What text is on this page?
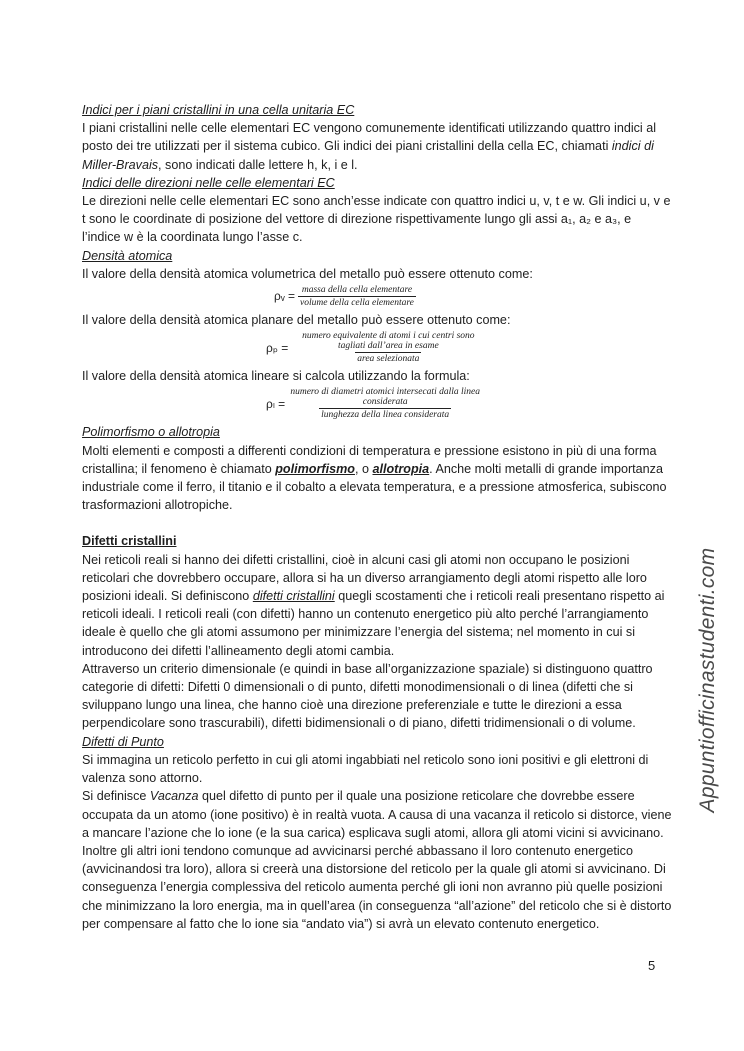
Indici per i piani cristallini in una cella unitaria EC

I piani cristallini nelle celle elementari EC vengono comunemente identificati utilizzando quattro indici al posto dei tre utilizzati per il sistema cubico. Gli indici dei piani cristallini della cella EC, chiamati indici di Miller-Bravais, sono indicati dalle lettere h, k, i e l.

Indici delle direzioni nelle celle elementari EC

Le direzioni nelle celle elementari EC sono anch’esse indicate con quattro indici u, v, t e w. Gli indici u, v e t sono le coordinate di posizione del vettore di direzione rispettivamente lungo gli assi a₁, a₂ e a₃, e l’indice w è la coordinata lungo l’asse c.

Densità atomica

Il valore della densità atomica volumetrica del metallo può essere ottenuto come:

ρᵥ = $\frac{\text{massa della cella elementare}}{\text{volume della cella elementare}}$

Il valore della densità atomica planare del metallo può essere ottenuto come:

ρₚ =
numero equivalente di atomi i cui centri sono tagliati dall’area in esame
area selezionata

Il valore della densità atomica lineare si calcola utilizzando la formula:

ρₗ =
numero di diametri atomici intersecati dalla linea considerata
lunghezza della linea considerata
Polimorfismo o allotropia

Molti elementi e composti a differenti condizioni di temperatura e pressione esistono in più di una forma cristallina; il fenomeno è chiamato polimorfismo, o allotropia. Anche molti metalli di grande importanza industriale come il ferro, il titanio e il cobalto a elevata temperatura, e a pressione atmosferica, subiscono trasformazioni allotropiche.

Difetti cristallini

Nei reticoli reali si hanno dei difetti cristallini, cioè in alcuni casi gli atomi non occupano le posizioni reticolari che dovrebbero occupare, allora si ha un diverso arrangiamento degli atomi rispetto alle loro posizioni ideali. Si definiscono difetti cristallini quegli scostamenti che i reticoli reali presentano rispetto ai reticoli ideali. I reticoli reali (con difetti) hanno un contenuto energetico più alto perché l’arrangiamento ideale è quello che gli atomi assumono per minimizzare l’energia del sistema; nel momento in cui si introducono dei difetti l’allineamento degli atomi cambia.

Attraverso un criterio dimensionale (e quindi in base all’organizzazione spaziale) si distinguono quattro categorie di difetti: Difetti 0 dimensionali o di punto, difetti monodimensionali o di linea (difetti che si sviluppano lungo una linea, che hanno cioè una direzione preferenziale e tutte le direzioni a essa perpendicolare sono trascurabili), difetti bidimensionali o di piano, difetti tridimensionali o di volume.

Difetti di Punto

Si immagina un reticolo perfetto in cui gli atomi ingabbiati nel reticolo sono ioni positivi e gli elettroni di valenza sono attorno.

Si definisce Vacanza quel difetto di punto per il quale una posizione reticolare che dovrebbe essere occupata da un atomo (ione positivo) è in realtà vuota. A causa di una vacanza il reticolo si distorce, viene a mancare l’azione che lo ione (e la sua carica) esplicava sugli atomi, allora gli atomi vicini si avvicinano. Inoltre gli altri ioni tendono comunque ad avvicinarsi perché abbassano il loro contenuto energetico (avvicinandosi tra loro), allora si creerà una distorsione del reticolo per la quale gli atomi si avvicinano. Di conseguenza l’energia complessiva del reticolo aumenta perché gli ioni non avranno più quelle posizioni che minimizzano la loro energia, ma in quell’area (in conseguenza “all’azione” del reticolo che si è distorto per compensare al fatto che lo ione sia “andato via”) si avrà un elevato contenuto energetico.

Appuntiofficinastudenti.com
5
